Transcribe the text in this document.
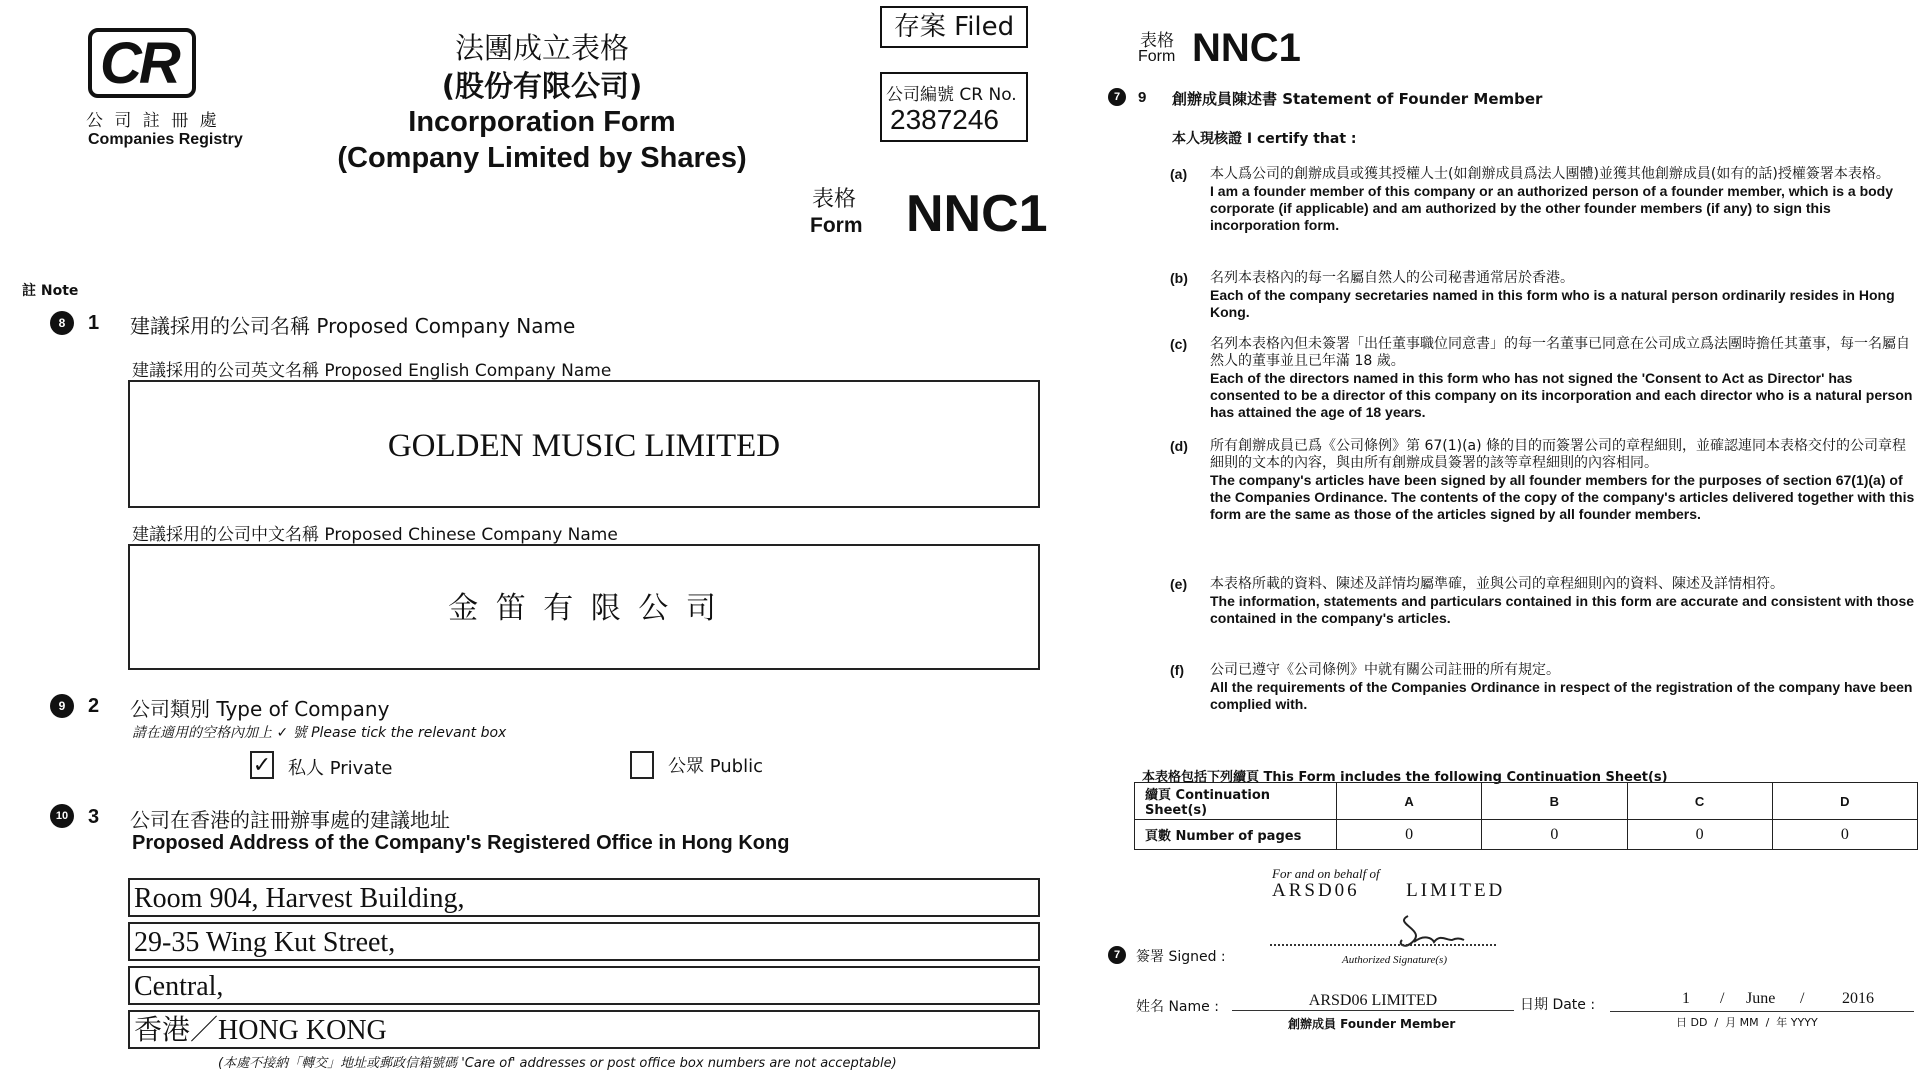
CR
公 司 註 冊 處
Companies Registry
法團成立表格
(股份有限公司)
Incorporation Form
(Company Limited by Shares)
存案 Filed
公司編號 CR No.
2387246
表格
Form NNC1
註 Note
8	1 建議採用的公司名稱 Proposed Company Name
建議採用的公司英文名稱 Proposed English Company Name
GOLDEN MUSIC LIMITED
建議採用的公司中文名稱 Proposed Chinese Company Name
金 笛 有 限 公 司
9	2 公司類別 Type of Company
請在適用的空格內加上 ✓ 號 Please tick the relevant box
✓ 私人 Private	公眾 Public
10 3 公司在香港的註冊辦事處的建議地址
Proposed Address of the Company's Registered Office in Hong Kong
Room 904, Harvest Building,
29-35 Wing Kut Street,
Central,
香港／HONG KONG
(本處不接納「轉交」地址或郵政信箱號碼 'Care of' addresses or post office box numbers are not acceptable)
表格
Form NNC1
7	9 創辦成員陳述書 Statement of Founder Member
本人現核證 I certify that :
(a) 本人爲公司的創辦成員或獲其授權人士(如創辦成員爲法人團體)並獲其他創辦成員(如有的話)授權簽署本表格。
I am a founder member of this company or an authorized person of a founder member, which is a body corporate (if applicable) and am authorized by the other founder members (if any) to sign this incorporation form.
(b) 名列本表格內的每一名屬自然人的公司秘書通常居於香港。
Each of the company secretaries named in this form who is a natural person ordinarily resides in Hong Kong.
(c) 名列本表格內但未簽署「出任董事職位同意書」的每一名董事已同意在公司成立爲法團時擔任其董事，每一名屬自然人的董事並且已年滿 18 歲。
Each of the directors named in this form who has not signed the 'Consent to Act as Director' has consented to be a director of this company on its incorporation and each director who is a natural person has attained the age of 18 years.
(d) 所有創辦成員已爲《公司條例》第 67(1)(a) 條的目的而簽署公司的章程細則，並確認連同本表格交付的公司章程細則的文本的內容，與由所有創辦成員簽署的該等章程細則的內容相同。
The company's articles have been signed by all founder members for the purposes of section 67(1)(a) of the Companies Ordinance. The contents of the copy of the company's articles delivered together with this form are the same as those of the articles signed by all founder members.
(e) 本表格所載的資料、陳述及詳情均屬準確，並與公司的章程細則內的資料、陳述及詳情相符。
The information, statements and particulars contained in this form are accurate and consistent with those contained in the company's articles.
(f) 公司已遵守《公司條例》中就有關公司註冊的所有規定。
All the requirements of the Companies Ordinance in respect of the registration of the company have been complied with.
本表格包括下列續頁 This Form includes the following Continuation Sheet(s)
續頁 Continuation Sheet(s)	A	B	C	D
頁數 Number of pages	0	0	0	0
For and on behalf of
ARSD06      LIMITED
Authorized Signature(s)
7	簽署 Signed :
姓名 Name :	ARSD06 LIMITED
創辦成員 Founder Member
日期 Date :	1 / June / 2016
日 DD  /  月 MM  /  年 YYYY
